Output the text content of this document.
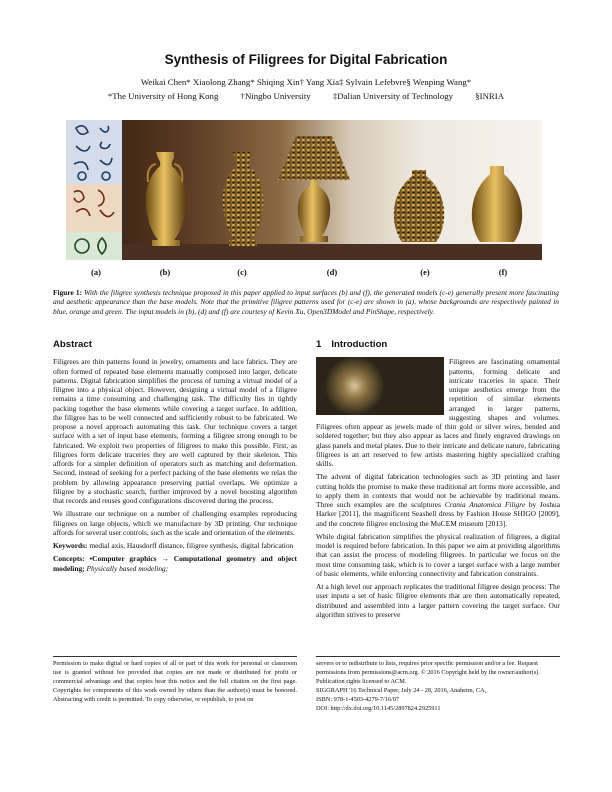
Synthesis of Filigrees for Digital Fabrication
Weikai Chen* Xiaolong Zhang* Shiqing Xin† Yang Xia‡ Sylvain Lefebvre§ Wenping Wang*
*The University of Hong Kong	†Ningbo University	‡Dalian University of Technology	§INRIA
(a)	(b)	(c)	(d)	(e)	(f)
Figure 1: With the filigree synthesis technique proposed in this paper applied to input surfaces (b) and (f), the generated models (c-e) generally present more fascinating and aesthetic appearance than the base models. Note that the primitive filigree patterns used for (c-e) are shown in (a), whose backgrounds are respectively painted in blue, orange and green. The input models in (b), (d) and (f) are courtesy of Kevin Xu, Open3DModel and PinShape, respectively.
Abstract

Filigrees are thin patterns found in jewelry, ornaments and lace fabrics. They are often formed of repeated base elements manually composed into larger, delicate patterns. Digital fabrication simplifies the process of turning a virtual model of a filigree into a physical object. However, designing a virtual model of a filigree remains a time consuming and challenging task. The difficulty lies in tightly packing together the base elements while covering a target surface. In addition, the filigree has to be well connected and sufficiently robust to be fabricated. We propose a novel approach automating this task. Our technique covers a target surface with a set of input base elements, forming a filigree strong enough to be fabricated. We exploit two properties of filigrees to make this possible. First, as filigrees form delicate traceries they are well captured by their skeleton. This affords for a simpler definition of operators such as matching and deformation. Second, instead of seeking for a perfect packing of the base elements we relax the problem by allowing appearance preserving partial overlaps. We optimize a filigree by a stochastic search, further improved by a novel boosting algorithm that records and reuses good configurations discovered during the process.

We illustrate our technique on a number of challenging examples reproducing filigrees on large objects, which we manufacture by 3D printing. Our technique affords for several user controls, such as the scale and orientation of the elements.

Keywords: medial axis, Hausdorff distance, filigree synthesis, digital fabrication

Concepts: •Computer graphics → Computational geometry and object modeling; Physically based modeling;

1 Introduction

Filigrees are fascinating ornamental patterns, forming delicate and intricate traceries in space. Their unique aesthetics emerge from the repetition of similar elements arranged in larger patterns, suggesting shapes and volumes. Filigrees often appear as jewels made of thin gold or silver wires, bended and soldered together; but they also appear as laces and finely engraved drawings on glass panels and metal plates. Due to their intricate and delicate nature, fabricating filigrees is an art reserved to few artists mastering highly specialized crafting skills.

The advent of digital fabrication technologies such as 3D printing and laser cutting holds the promise to make these traditional art forms more accessible, and to apply them in contexts that would not be achievable by traditional means. Three such examples are the sculptures Crania Anatomica Filigre by Joshua Harker [2011], the magnificent Seashell dress by Fashion House SHIGO [2009], and the concrete filigree enclosing the MuCEM museum [2013].

While digital fabrication simplifies the physical realization of filigrees, a digital model is required before fabrication. In this paper we aim at providing algorithms that can assist the process of modeling filigrees. In particular we focus on the most time consuming task, which is to cover a target surface with a large number of basic elements, while enforcing connectivity and fabrication constraints.

At a high level our approach replicates the traditional filigree design process: The user inputs a set of basic filigree elements that are then automatically repeated, distributed and assembled into a larger pattern covering the target surface. Our algorithm strives to preserve

Permission to make digital or hard copies of all or part of this work for personal or classroom use is granted without fee provided that copies are not made or distributed for profit or commercial advantage and that copies bear this notice and the full citation on the first page. Copyrights for components of this work owned by others than the author(s) must be honored. Abstracting with credit is permitted. To copy otherwise, or republish, to post on
servers or to redistribute to lists, requires prior specific permission and/or a fee. Request permissions from permissions@acm.org. © 2016 Copyright held by the owner/author(s). Publication rights licensed to ACM.
SIGGRAPH '16 Technical Paper, July 24 - 28, 2016, Anaheim, CA,
ISBN: 978-1-4503-4279-7/16/07
DOI: http://dx.doi.org/10.1145/2897824.2925911
